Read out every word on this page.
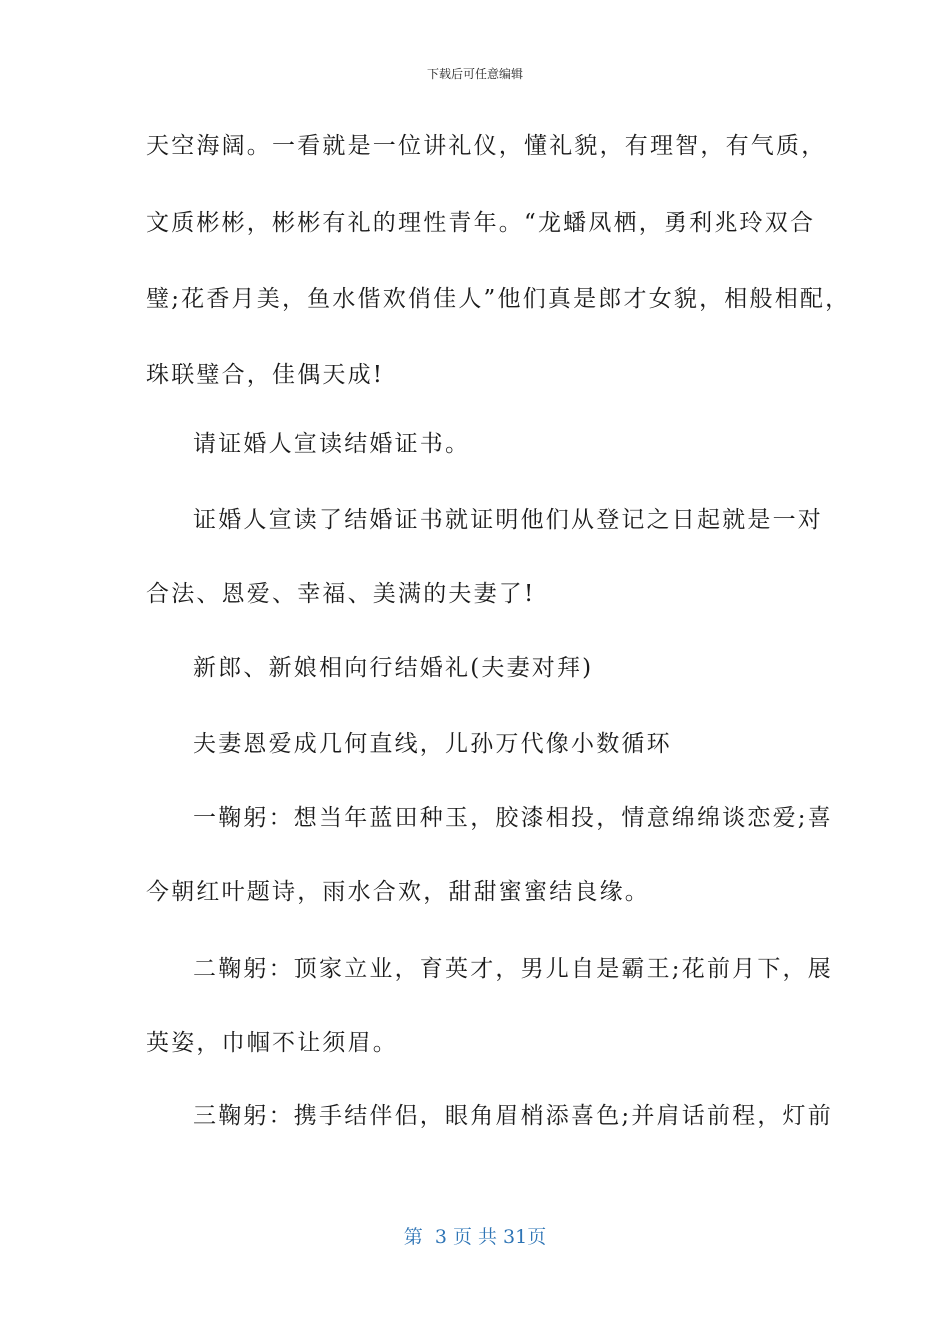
下载后可任意编辑
天空海阔。一看就是一位讲礼仪，懂礼貌，有理智，有气质，
文质彬彬，彬彬有礼的理性青年。“龙蟠凤栖，勇利兆玲双合
璧;花香月美，鱼水偕欢俏佳人”他们真是郎才女貌，相般相配，
珠联璧合，佳偶天成!
请证婚人宣读结婚证书。
证婚人宣读了结婚证书就证明他们从登记之日起就是一对
合法、恩爱、幸福、美满的夫妻了!
新郎、新娘相向行结婚礼(夫妻对拜)
夫妻恩爱成几何直线，儿孙万代像小数循环
一鞠躬：想当年蓝田种玉，胶漆相投，情意绵绵谈恋爱;喜
今朝红叶题诗，雨水合欢，甜甜蜜蜜结良缘。
二鞠躬：顶家立业，育英才，男儿自是霸王;花前月下，展
英姿，巾帼不让须眉。
三鞠躬：携手结伴侣，眼角眉梢添喜色;并肩话前程，灯前
第  3 页 共 31页
